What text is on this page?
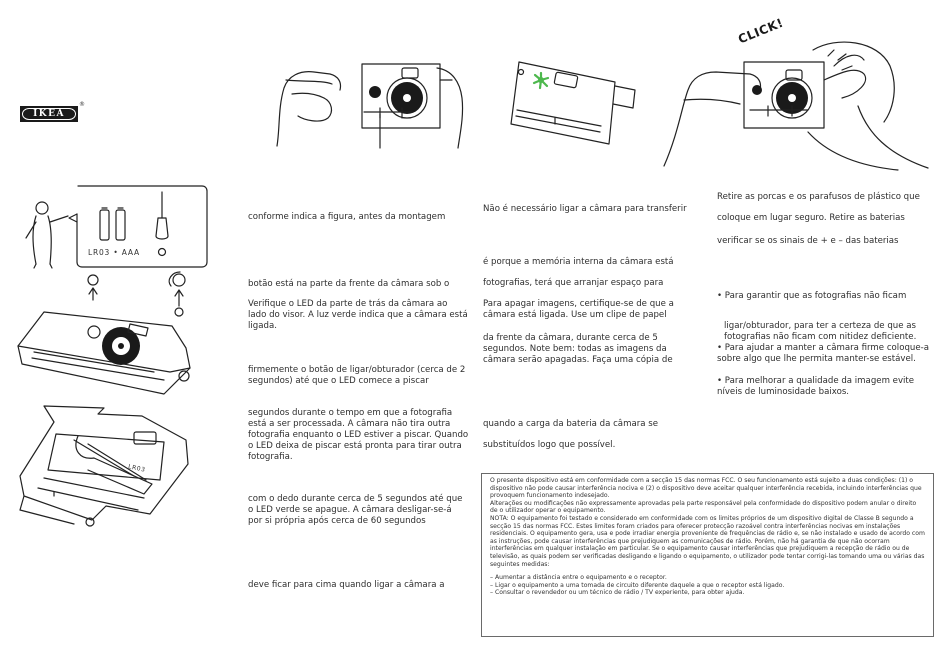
IKEA
®
CLICK!
LR03 • AAA
LR03
conforme indica a figura, antes da montagem
botão está na parte da frente da câmara sob o
Verifique o LED da parte de trás da câmara ao lado do visor. A luz verde indica que a câmara está ligada.
firmemente o botão de ligar/obturador (cerca de 2 segundos) até que o LED comece a piscar
segundos durante o tempo em que a fotografia está a ser processada. A câmara não tira outra fotografia enquanto o LED estiver a piscar. Quando o LED deixa de piscar está pronta para tirar outra fotografia.
com o dedo durante cerca de 5 segundos até que o LED verde se apague. A câmara desligar-se-á por si própria após cerca de 60 segundos
deve ficar para cima quando ligar a câmara a
Não é necessário ligar a câmara para transferir
é porque a memória interna da câmara está
fotografias, terá que arranjar espaço para
Para apagar imagens, certifique-se de que a câmara está ligada. Use um clipe de papel
da frente da câmara, durante cerca de 5 segundos. Note bem: todas as imagens da câmara serão apagadas. Faça uma cópia de
quando a carga da bateria da câmara se
substituídos logo que possível.
Retire as porcas e os parafusos de plástico que
coloque em lugar seguro. Retire as baterias
verificar se os sinais de + e – das baterias
• Para garantir que as fotografias não ficam
ligar/obturador, para ter a certeza de que as fotografias não ficam com nitidez deficiente.
• Para ajudar a manter a câmara firme coloque-a sobre algo que lhe permita manter-se estável.
• Para melhorar a qualidade da imagem evite níveis de luminosidade baixos.

O presente dispositivo está em conformidade com a secção 15 das normas FCC. O seu funcionamento está sujeito a duas condições: (1) o dispositivo não pode causar interferência nociva e (2) o dispositivo deve aceitar qualquer interferência recebida, incluindo interferências que provoquem funcionamento indesejado.

Alterações ou modificações não expressamente aprovadas pela parte responsável pela conformidade do dispositivo podem anular o direito de o utilizador operar o equipamento.

NOTA: O equipamento foi testado e considerado em conformidade com os limites próprios de um dispositivo digital de Classe B segundo a secção 15 das normas FCC. Estes limites foram criados para oferecer protecção razoável contra interferências nocivas em instalações residenciais. O equipamento gera, usa e pode irradiar energia proveniente de frequências de rádio e, se não instalado e usado de acordo com as instruções, pode causar interferências que prejudiquem as comunicações de rádio. Porém, não há garantia de que não ocorram interferências em qualquer instalação em particular. Se o equipamento causar interferências que prejudiquem a recepção de rádio ou de televisão, as quais podem ser verificadas desligando e ligando o equipamento, o utilizador pode tentar corrigi-las tomando uma ou várias das seguintes medidas:

– Aumentar a distância entre o equipamento e o receptor.

– Ligar o equipamento a uma tomada de circuito diferente daquele a que o receptor está ligado.

– Consultar o revendedor ou um técnico de rádio / TV experiente, para obter ajuda.
